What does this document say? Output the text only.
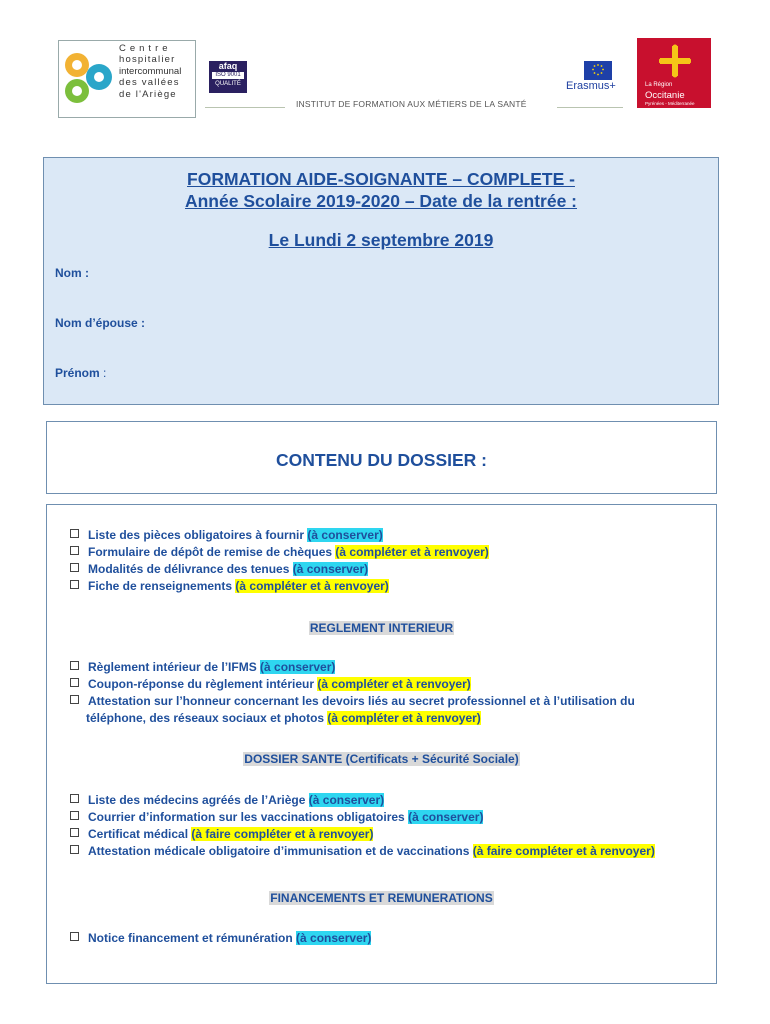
Centre
hospitalier
intercommunal
des vallées
de l'Ariège
afaq
ISO 9001
QUALITÉ
INSTITUT DE FORMATION AUX MÉTIERS DE LA SANTÉ
Erasmus+	La Région
Occitanie
Pyrénées - Méditerranée
FORMATION AIDE-SOIGNANTE – COMPLETE -
Année Scolaire 2019-2020 – Date de la rentrée :
Le Lundi 2 septembre 2019
Nom :
Nom d’épouse :
Prénom :
CONTENU DU DOSSIER :
Liste des pièces obligatoires à fournir (à conserver)
Formulaire de dépôt de remise de chèques (à compléter et à renvoyer)
Modalités de délivrance des tenues (à conserver)
Fiche de renseignements (à compléter et à renvoyer)
REGLEMENT INTERIEUR
Règlement intérieur de l’IFMS (à conserver)
Coupon-réponse du règlement intérieur (à compléter et à renvoyer)
Attestation sur l’honneur concernant les devoirs liés au secret professionnel et à l’utilisation du
téléphone, des réseaux sociaux et photos (à compléter et à renvoyer)
DOSSIER SANTE (Certificats + Sécurité Sociale)
Liste des médecins agréés de l’Ariège (à conserver)
Courrier d’information sur les vaccinations obligatoires (à conserver)
Certificat médical (à faire compléter et à renvoyer)
Attestation médicale obligatoire d’immunisation et de vaccinations (à faire compléter et à renvoyer)
FINANCEMENTS ET REMUNERATIONS
Notice financement et rémunération (à conserver)
